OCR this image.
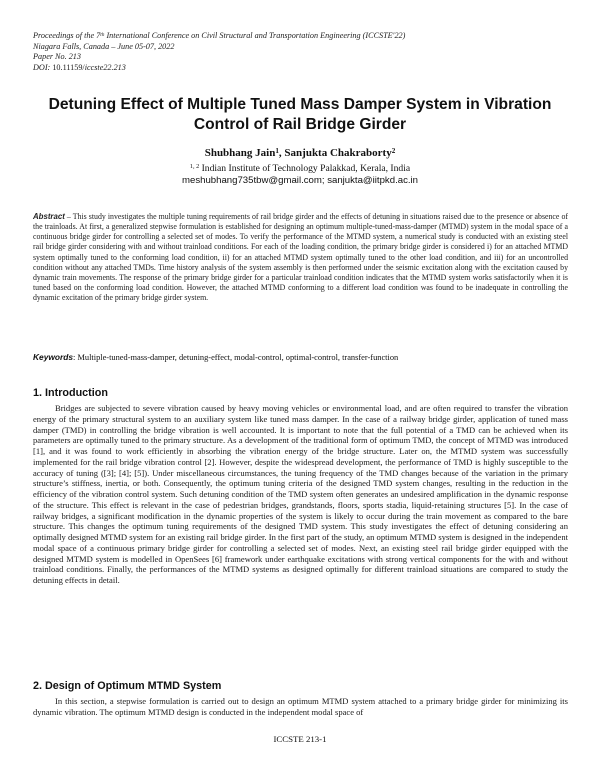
Proceedings of the 7th International Conference on Civil Structural and Transportation Engineering (ICCSTE'22)
Niagara Falls, Canada – June 05-07, 2022
Paper No. 213
DOI: 10.11159/iccste22.213
Detuning Effect of Multiple Tuned Mass Damper System in Vibration Control of Rail Bridge Girder
Shubhang Jain$^1$, Sanjukta Chakraborty$^2$
$^{1, 2}$ Indian Institute of Technology Palakkad, Kerala, India
meshubhang735tbw@gmail.com; sanjukta@iitpkd.ac.in
Abstract – This study investigates the multiple tuning requirements of rail bridge girder and the effects of detuning in situations raised due to the presence or absence of the trainloads. At first, a generalized stepwise formulation is established for designing an optimum multiple-tuned-mass-damper (MTMD) system in the modal space of a continuous bridge girder for controlling a selected set of modes. To verify the performance of the MTMD system, a numerical study is conducted with an existing steel rail bridge girder considering with and without trainload conditions. For each of the loading condition, the primary bridge girder is considered i) for an attached MTMD system optimally tuned to the conforming load condition, ii) for an attached MTMD system optimally tuned to the other load condition, and iii) for an uncontrolled condition without any attached TMDs. Time history analysis of the system assembly is then performed under the seismic excitation along with the excitation caused by dynamic train movements. The response of the primary bridge girder for a particular trainload condition indicates that the MTMD system works satisfactorily when it is tuned based on the conforming load condition. However, the attached MTMD conforming to a different load condition was found to be inadequate in controlling the dynamic excitation of the primary bridge girder system.
Keywords: Multiple-tuned-mass-damper, detuning-effect, modal-control, optimal-control, transfer-function
1. Introduction

Bridges are subjected to severe vibration caused by heavy moving vehicles or environmental load, and are often required to transfer the vibration energy of the primary structural system to an auxiliary system like tuned mass damper. In the case of a railway bridge girder, application of tuned mass damper (TMD) in controlling the bridge vibration is well accounted. It is important to note that the full potential of a TMD can be achieved when its parameters are optimally tuned to the primary structure. As a development of the traditional form of optimum TMD, the concept of MTMD was introduced [1], and it was found to work efficiently in absorbing the vibration energy of the bridge structure. Later on, the MTMD system was successfully implemented for the rail bridge vibration control [2]. However, despite the widespread development, the performance of TMD is highly susceptible to the accuracy of tuning ([3]; [4]; [5]). Under miscellaneous circumstances, the tuning frequency of the TMD changes because of the variation in the primary structure’s stiffness, inertia, or both. Consequently, the optimum tuning criteria of the designed TMD system changes, resulting in the reduction in the efficiency of the vibration control system. Such detuning condition of the TMD system often generates an undesired amplification in the dynamic response of the structure. This effect is relevant in the case of pedestrian bridges, grandstands, floors, sports stadia, liquid-retaining structures [5]. In the case of railway bridges, a significant modification in the dynamic properties of the system is likely to occur during the train movement as compared to the bare structure. This changes the optimum tuning requirements of the designed TMD system. This study investigates the effect of detuning considering an optimally designed MTMD system for an existing rail bridge girder. In the first part of the study, an optimum MTMD system is designed in the independent modal space of a continuous primary bridge girder for controlling a selected set of modes. Next, an existing steel rail bridge girder equipped with the designed MTMD system is modelled in OpenSees [6] framework under earthquake excitations with strong vertical components for the with and without trainload conditions. Finally, the performances of the MTMD systems as designed optimally for different trainload situations are compared to study the detuning effects in detail.

2. Design of Optimum MTMD System

In this section, a stepwise formulation is carried out to design an optimum MTMD system attached to a primary bridge girder for minimizing its dynamic vibration. The optimum MTMD design is conducted in the independent modal space of

ICCSTE 213-1
